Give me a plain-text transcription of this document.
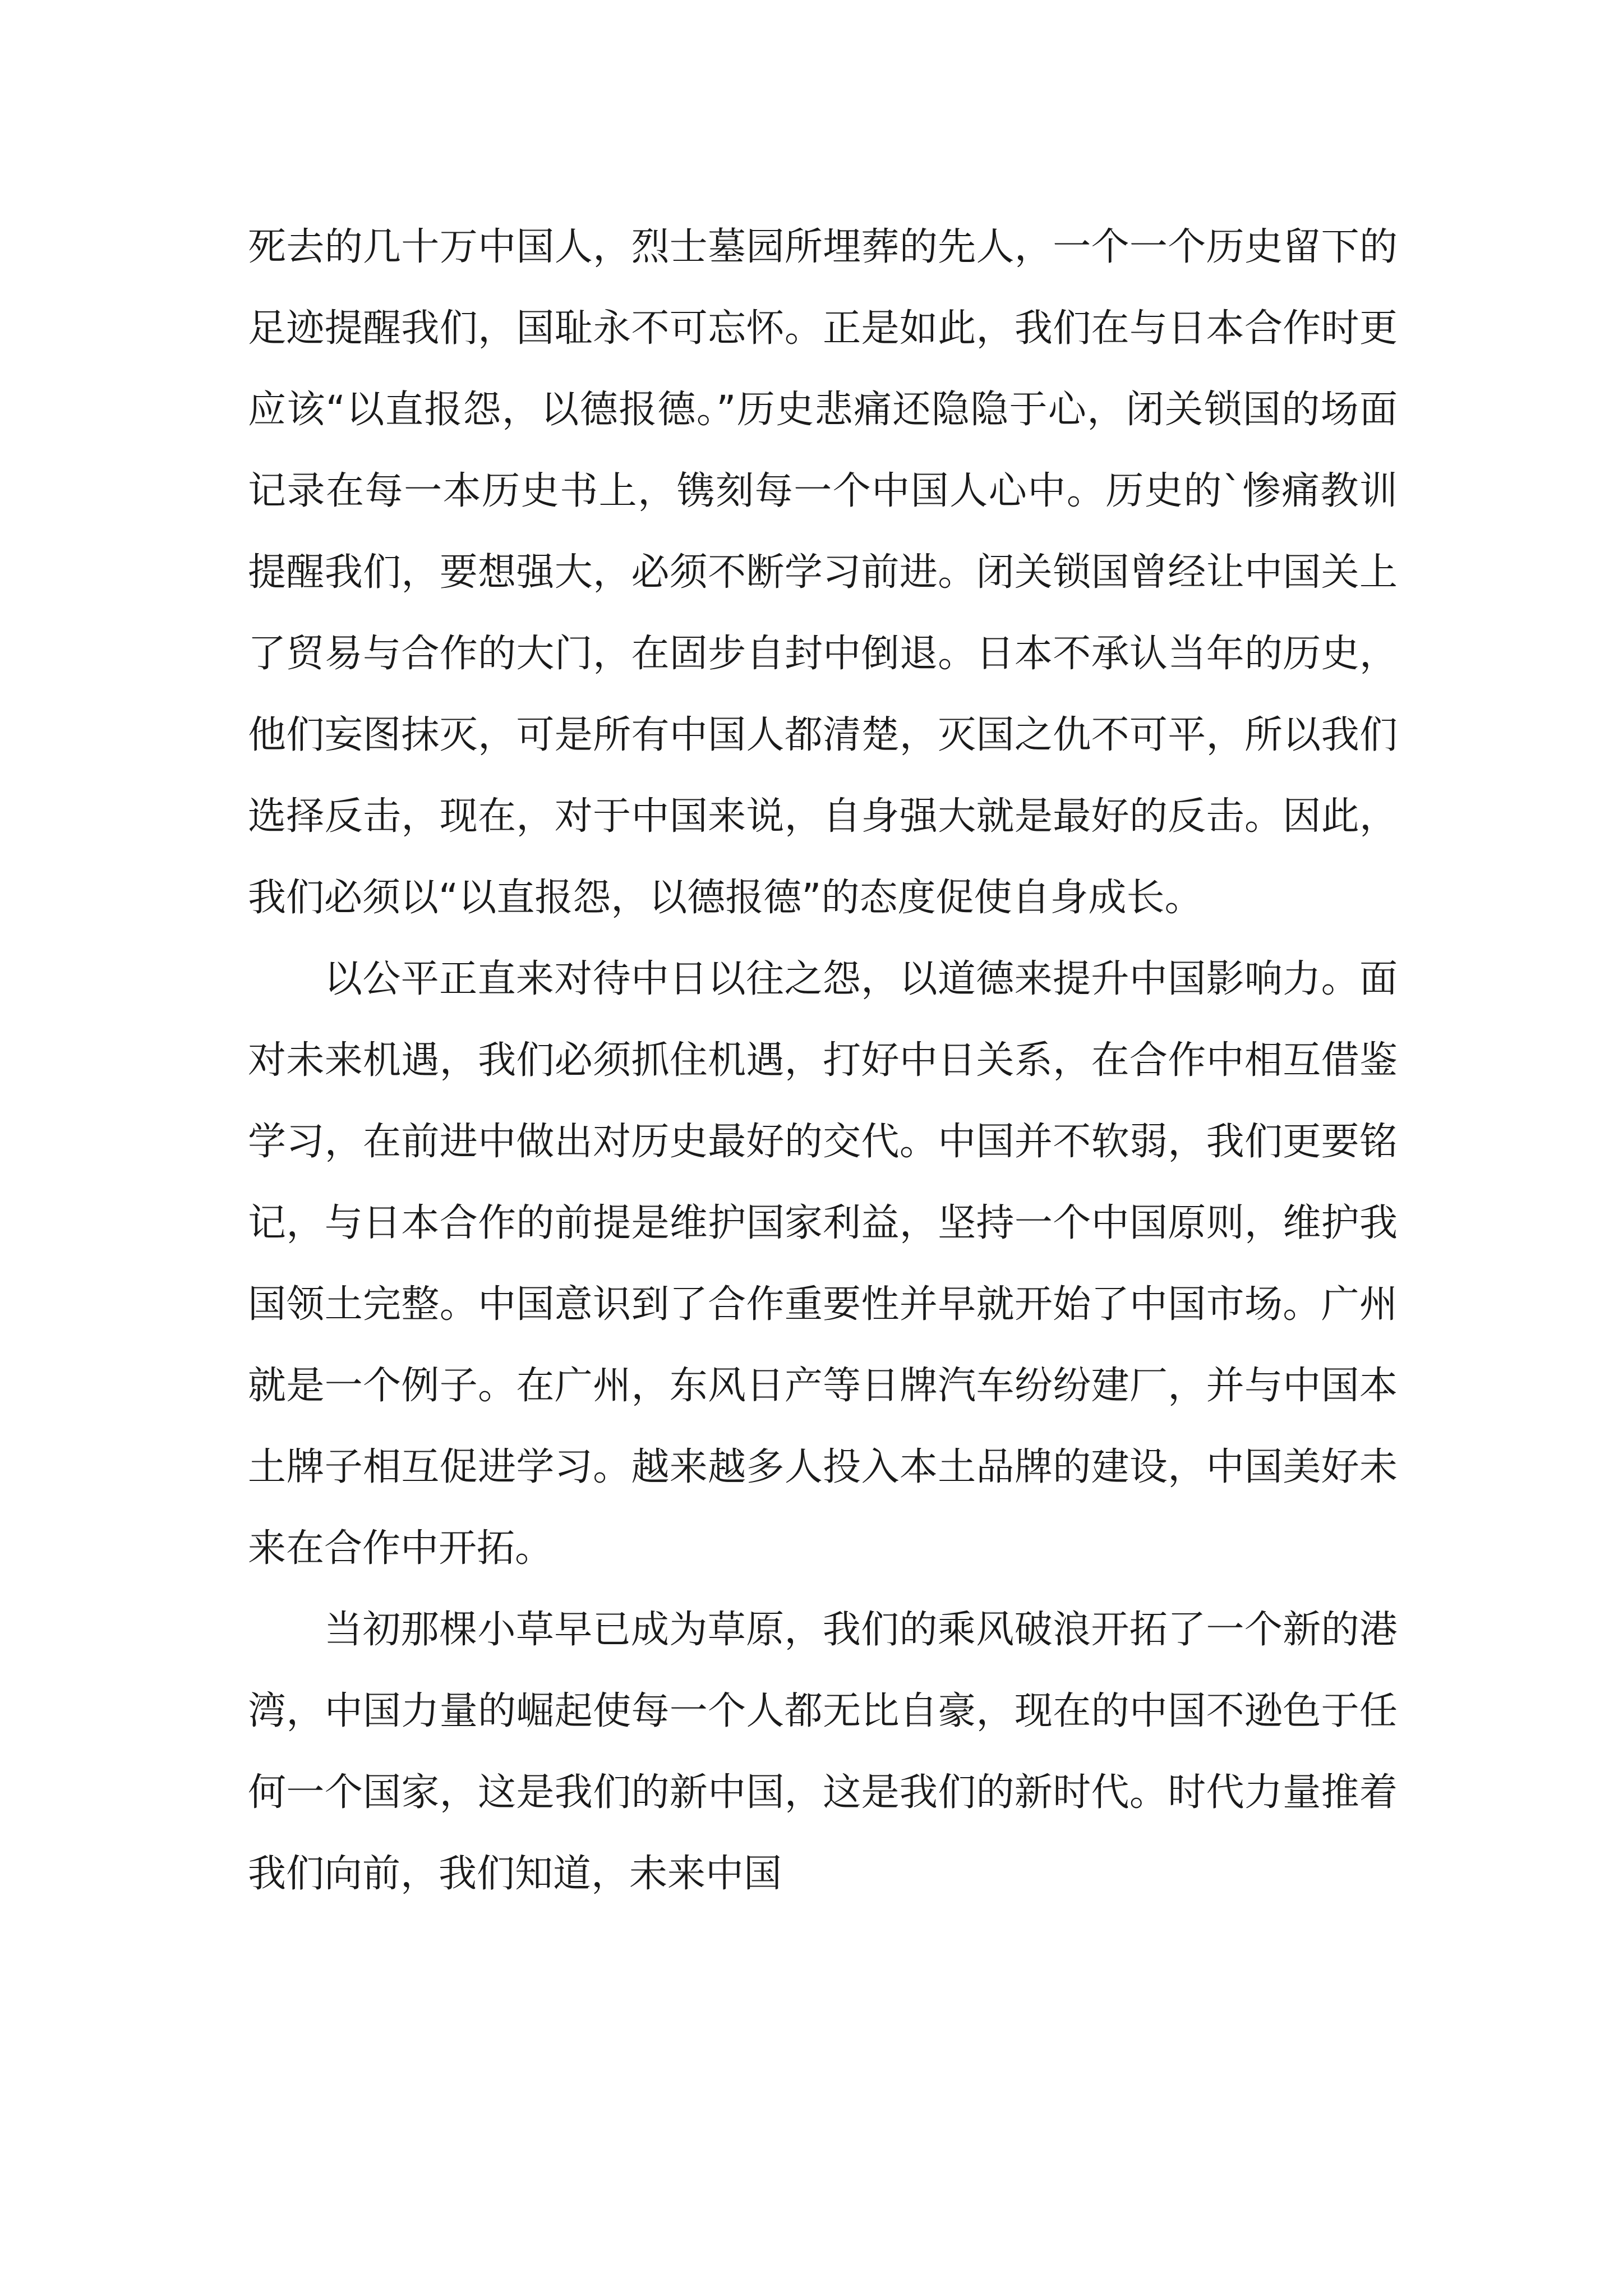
死去的几十万中国人，烈士墓园所埋葬的先人，一个一个历史留下的足迹提醒我们，国耻永不可忘怀。正是如此，我们在与日本合作时更应该“以直报怨，以德报德。”历史悲痛还隐隐于心，闭关锁国的场面记录在每一本历史书上，镌刻每一个中国人心中。历史的`惨痛教训提醒我们，要想强大，必须不断学习前进。闭关锁国曾经让中国关上了贸易与合作的大门，在固步自封中倒退。日本不承认当年的历史，他们妄图抹灭，可是所有中国人都清楚，灭国之仇不可平，所以我们选择反击，现在，对于中国来说，自身强大就是最好的反击。因此，我们必须以“以直报怨，以德报德”的态度促使自身成长。

以公平正直来对待中日以往之怨，以道德来提升中国影响力。面对未来机遇，我们必须抓住机遇，打好中日关系，在合作中相互借鉴学习，在前进中做出对历史最好的交代。中国并不软弱，我们更要铭记，与日本合作的前提是维护国家利益，坚持一个中国原则，维护我国领土完整。中国意识到了合作重要性并早就开始了中国市场。广州就是一个例子。在广州，东风日产等日牌汽车纷纷建厂，并与中国本土牌子相互促进学习。越来越多人投入本土品牌的建设，中国美好未来在合作中开拓。

当初那棵小草早已成为草原，我们的乘风破浪开拓了一个新的港湾，中国力量的崛起使每一个人都无比自豪，现在的中国不逊色于任何一个国家，这是我们的新中国，这是我们的新时代。时代力量推着我们向前，我们知道，未来中国
